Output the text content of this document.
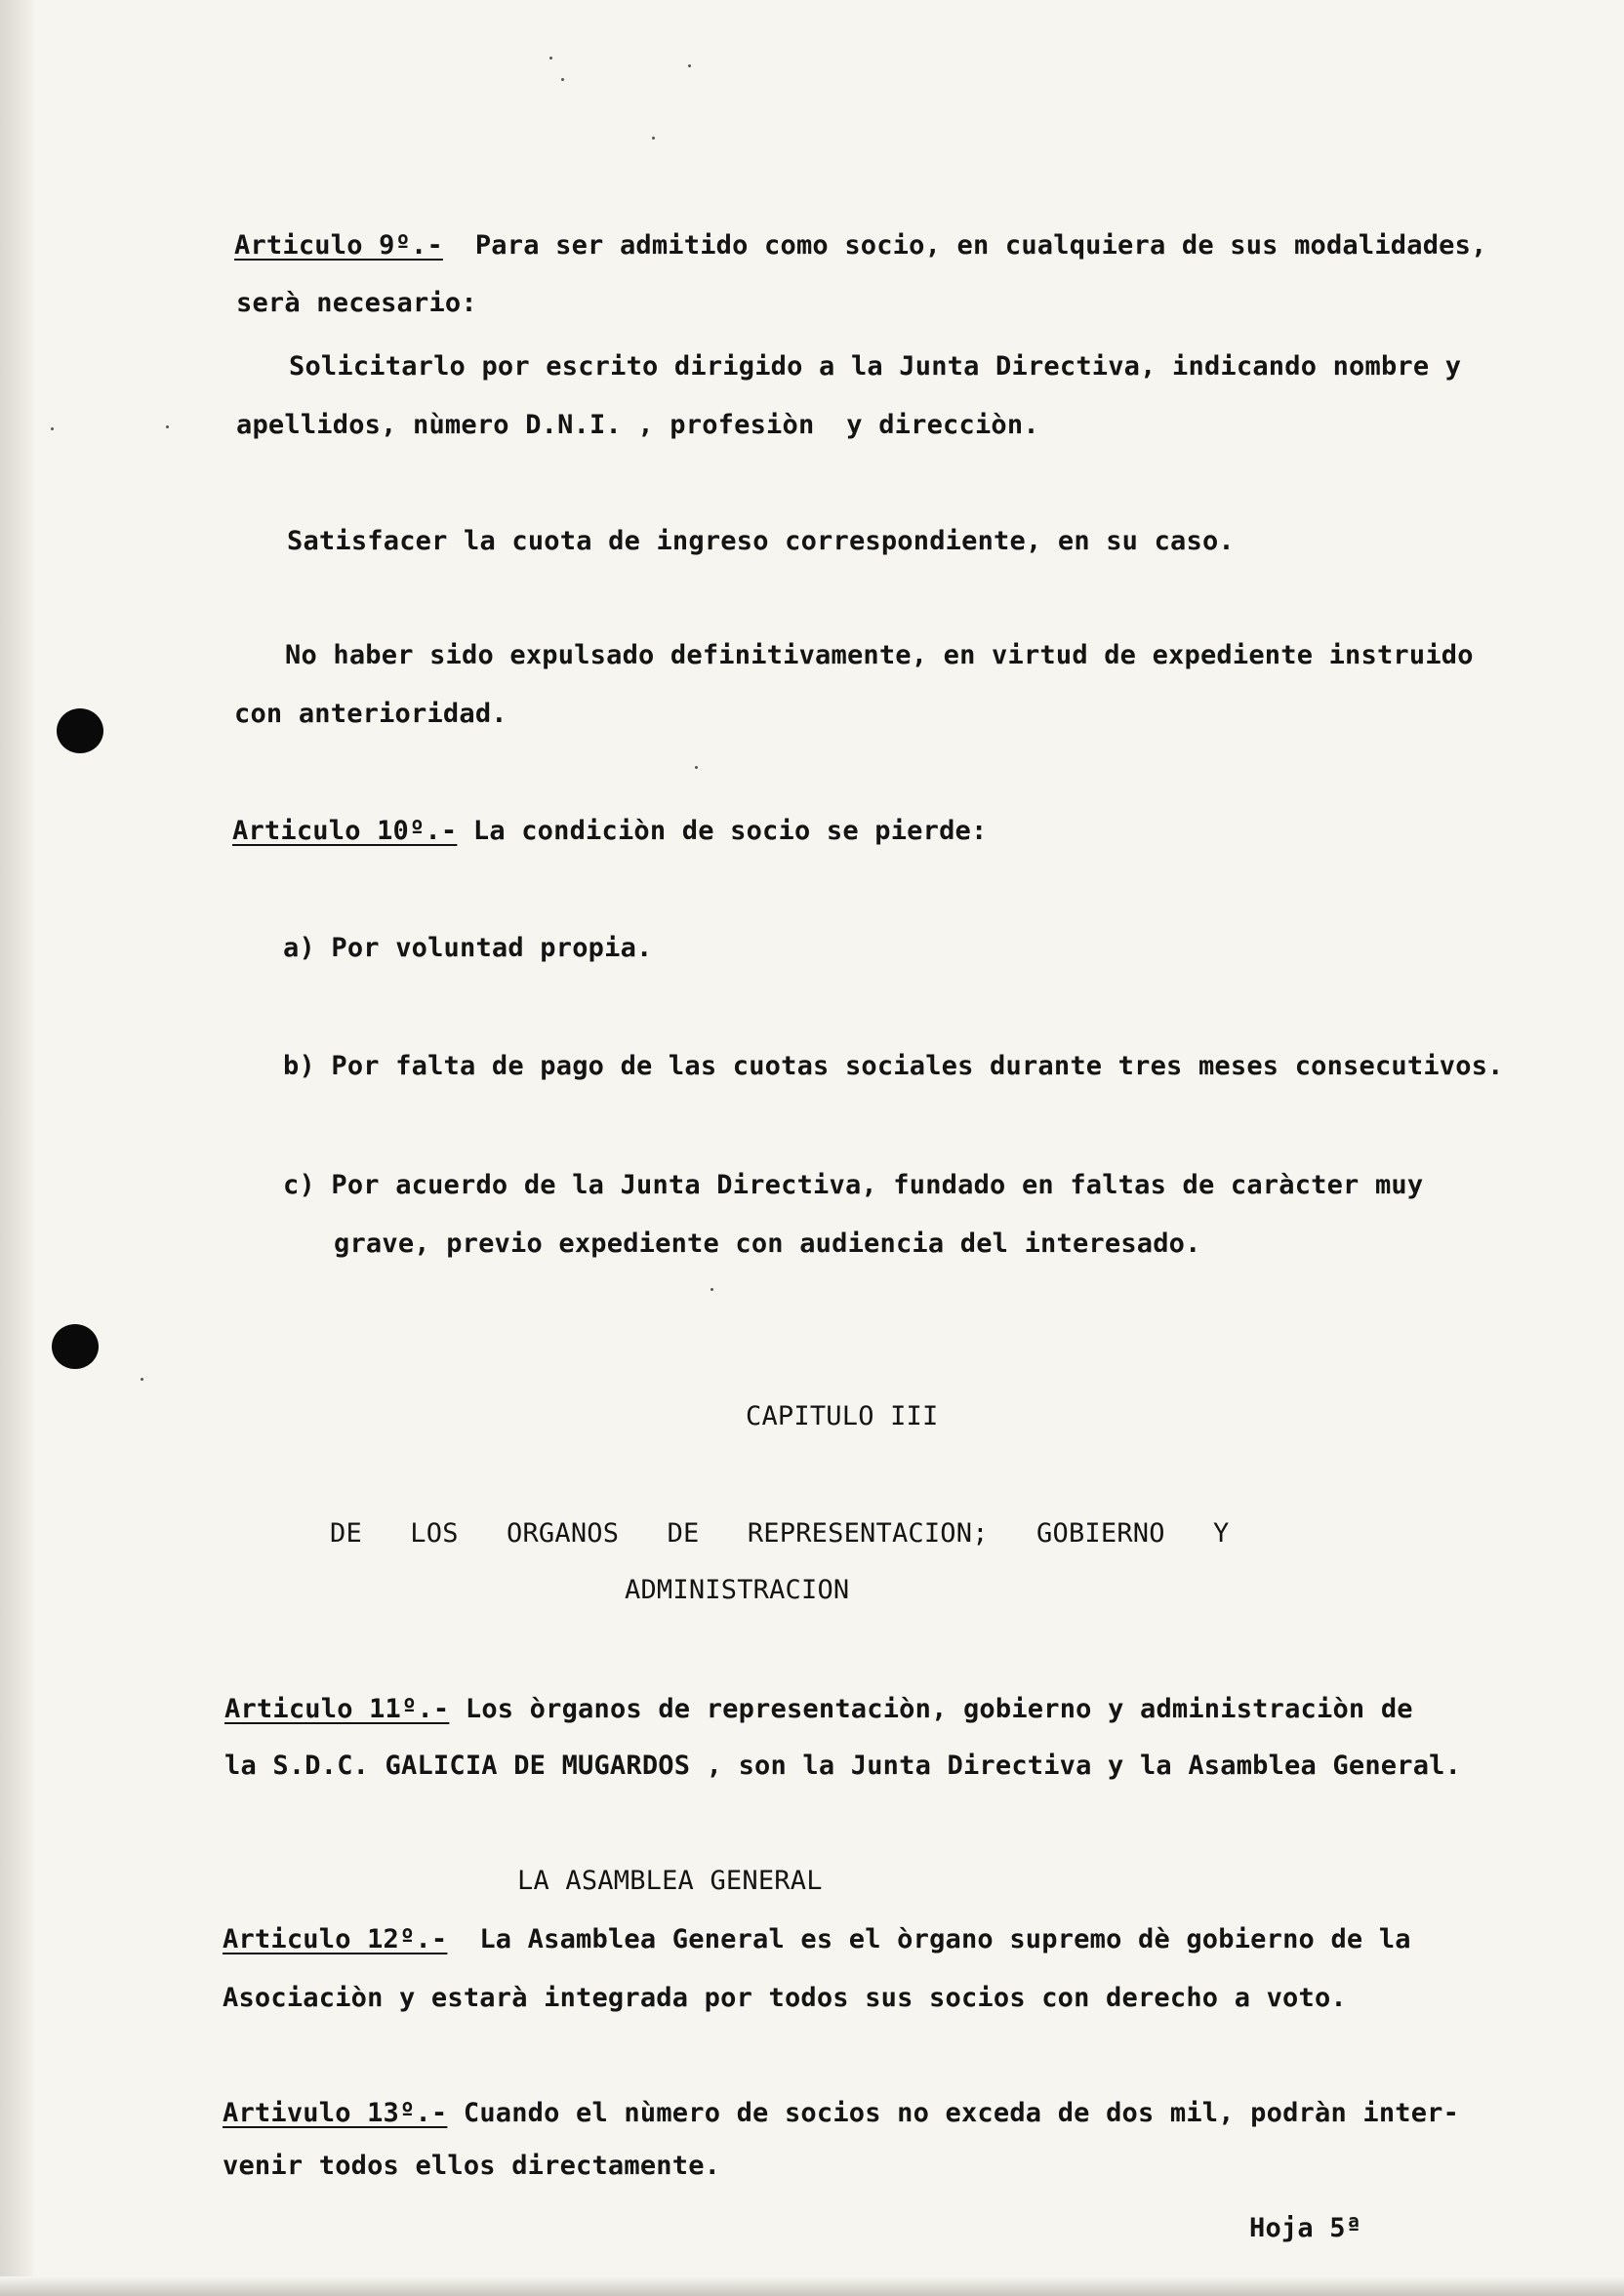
Articulo 9º.- Para ser admitido como socio, en cualquiera de sus modalidades,
serà necesario:
Solicitarlo por escrito dirigido a la Junta Directiva, indicando nombre y
apellidos, nùmero D.N.I. , profesiòn  y direcciòn.
Satisfacer la cuota de ingreso correspondiente, en su caso.
No haber sido expulsado definitivamente, en virtud de expediente instruido
con anterioridad.
Articulo 10º.- La condiciòn de socio se pierde:
a) Por voluntad propia.
b) Por falta de pago de las cuotas sociales durante tres meses consecutivos.
c) Por acuerdo de la Junta Directiva, fundado en faltas de caràcter muy
grave, previo expediente con audiencia del interesado.
CAPITULO III
DE   LOS   ORGANOS   DE   REPRESENTACION;   GOBIERNO   Y
ADMINISTRACION
Articulo 11º.- Los òrganos de representaciòn, gobierno y administraciòn de
la S.D.C. GALICIA DE MUGARDOS , son la Junta Directiva y la Asamblea General.
LA ASAMBLEA GENERAL
Articulo 12º.- La Asamblea General es el òrgano supremo dè gobierno de la
Asociaciòn y estarà integrada por todos sus socios con derecho a voto.
Artivulo 13º.- Cuando el nùmero de socios no exceda de dos mil, podràn inter-
venir todos ellos directamente.
Hoja 5ª
